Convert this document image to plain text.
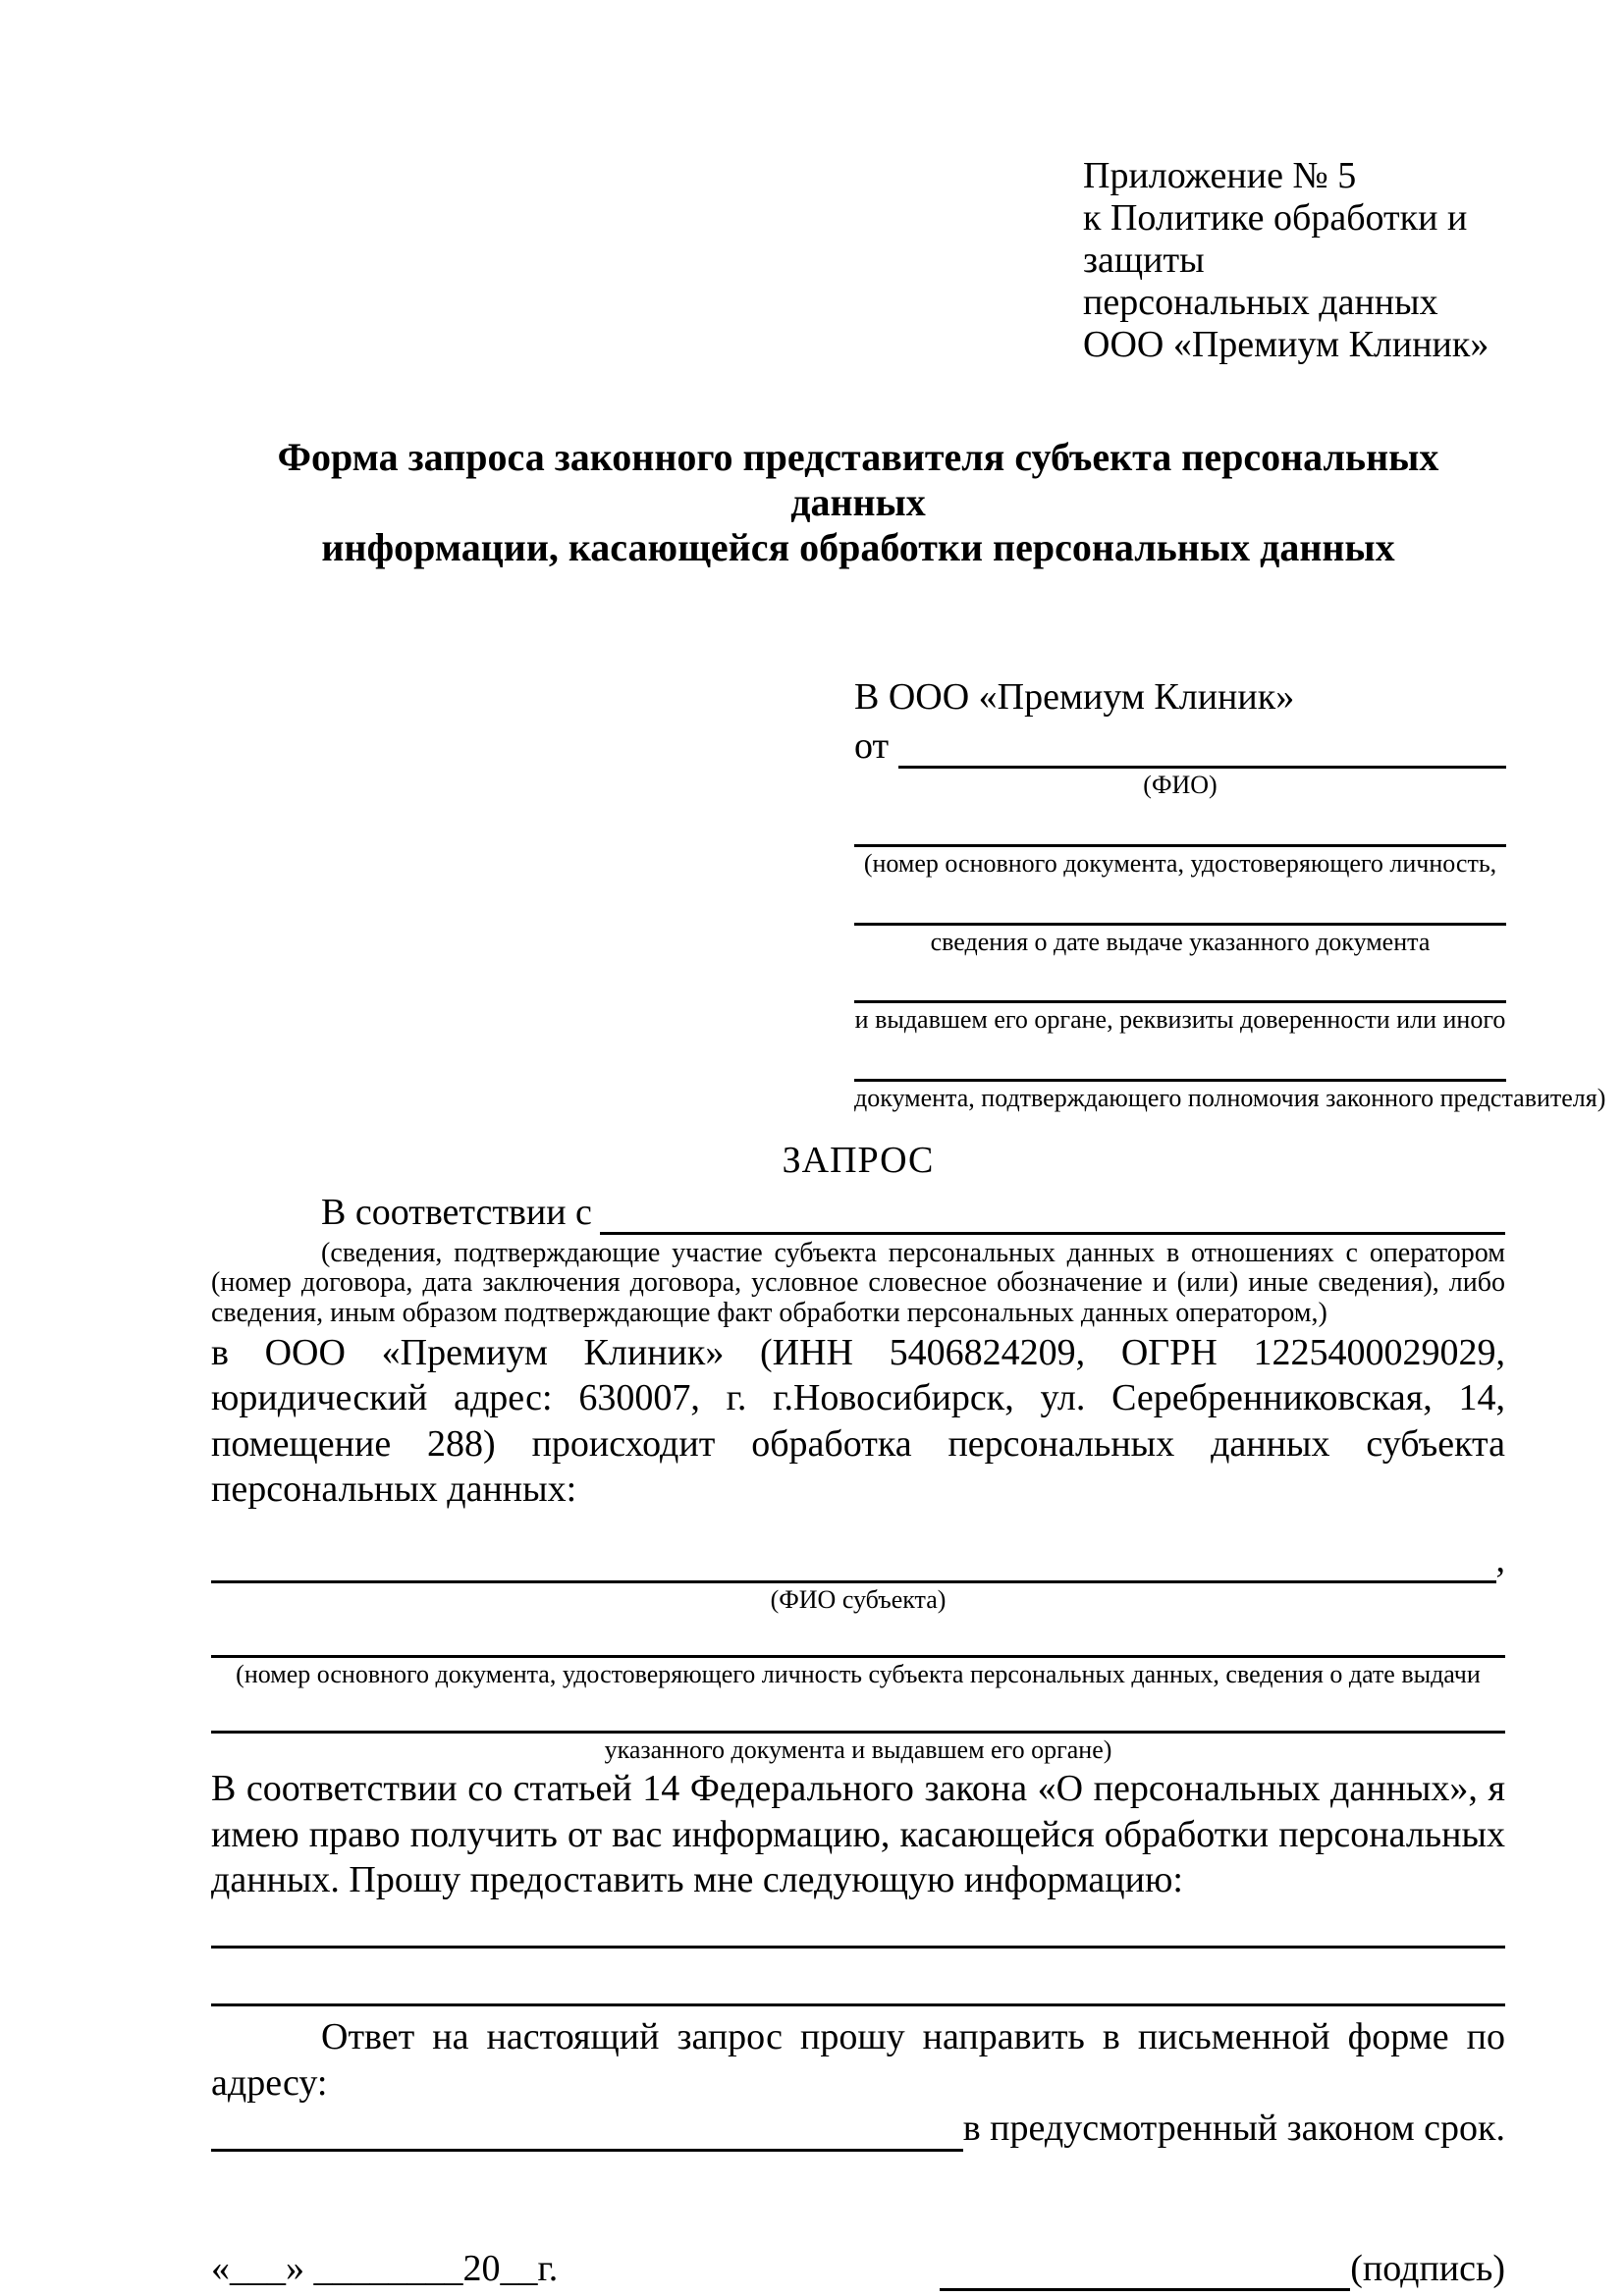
Приложение № 5
к Политике обработки и защиты
персональных данных
ООО «Премиум Клиник»
Форма запроса законного представителя субъекта персональных данных
информации, касающейся обработки персональных данных
В ООО «Премиум Клиник»
от
(ФИО)
(номер основного документа, удостоверяющего личность,
сведения о дате выдаче указанного документа
и выдавшем его органе, реквизиты доверенности или иного
документа, подтверждающего полномочия законного представителя)
ЗАПРОС
В соответствии с
(сведения, подтверждающие участие субъекта персональных данных в отношениях с оператором (номер договора, дата заключения договора, условное словесное обозначение и (или) иные сведения), либо сведения, иным образом подтверждающие факт обработки персональных данных оператором,)
в ООО «Премиум Клиник» (ИНН 5406824209, ОГРН 1225400029029, юридический адрес: 630007, г. г.Новосибирск, ул. Серебренниковская, 14, помещение 288) происходит обработка персональных данных субъекта персональных данных:
,
(ФИО субъекта)
(номер основного документа, удостоверяющего личность субъекта персональных данных, сведения о дате выдачи
указанного документа и выдавшем его органе)
В соответствии со статьей 14 Федерального закона «О персональных данных», я имею право получить от вас информацию, касающейся обработки персональных данных. Прошу предоставить мне следующую информацию:
Ответ на настоящий запрос прошу направить в письменной форме по адресу:
в предусмотренный законом срок.
«___» ________20__г.	(подпись)
